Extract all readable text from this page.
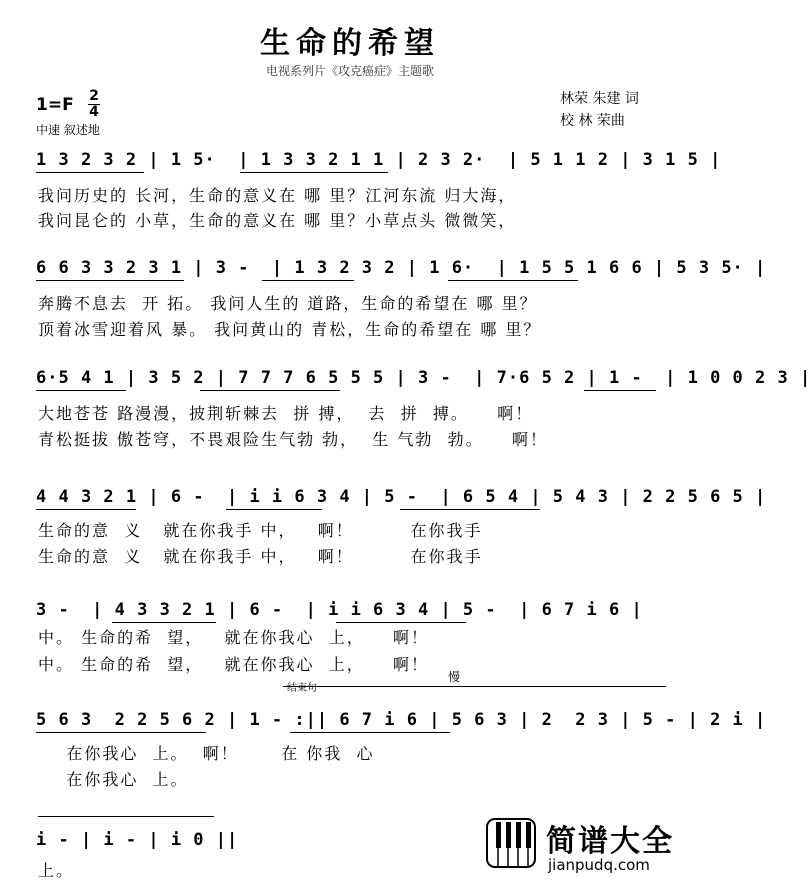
生命的希望
电视系列片《攻克癌症》主题歌
林荣 朱建 词
校 林 荣曲
1=F 2
4
中速 叙述地
1 3 2 3 2 | 1 5·  | 1 3 3 2 1 1 | 2 3 2·  | 5 1 1 2 | 3 1 5 |
我问历史的 长河，生命的意义在 哪 里？江河东流 归大海，
我问昆仑的 小草，生命的意义在 哪 里？小草点头 微微笑，
6 6 3 3 2 3 1 | 3 -  | 1 3 2 3 2 | 1 6·  | 1 5 5 1 6 6 | 5 3 5· |
奔腾不息去  开 拓。 我问人生的 道路，生命的希望在 哪 里？
顶着冰雪迎着风 暴。 我问黄山的 青松，生命的希望在 哪 里？
6·5 4 1 | 3 5 2 | 7 7 7 6 5 5 5 | 3 -  | 7·6 5 2 | 1 -  | 1 0 0 2 3 |
大地苍苍 路漫漫，披荆斩棘去  拼 搏，  去  拼  搏。    啊！
青松挺拔 傲苍穹，不畏艰险生气勃 勃，  生 气勃  勃。    啊！
4 4 3 2 1 | 6 -  | i i 6 3 4 | 5 -  | 6 5 4 | 5 4 3 | 2 2 5 6 5 |
生命的意  义   就在你我手 中，   啊！        在你我手
生命的意  义   就在你我手 中，   啊！        在你我手
3 -  | 4 3 3 2 1 | 6 -  | i i 6 3 4 | 5 -  | 6 7 i 6 |
中。 生命的希  望，   就在你我心  上，    啊！
中。 生命的希  望，   就在你我心  上，    啊！
结束句
慢
5 6 3  2 2 5 6 2 | 1 - :|| 6 7 i 6 | 5 6 3 | 2  2 3 | 5 - | 2 i |
在你我心  上。  啊！      在 你我  心
在你我心  上。
i - | i - | i 0 ||
上。
简谱大全
jianpudq.com
